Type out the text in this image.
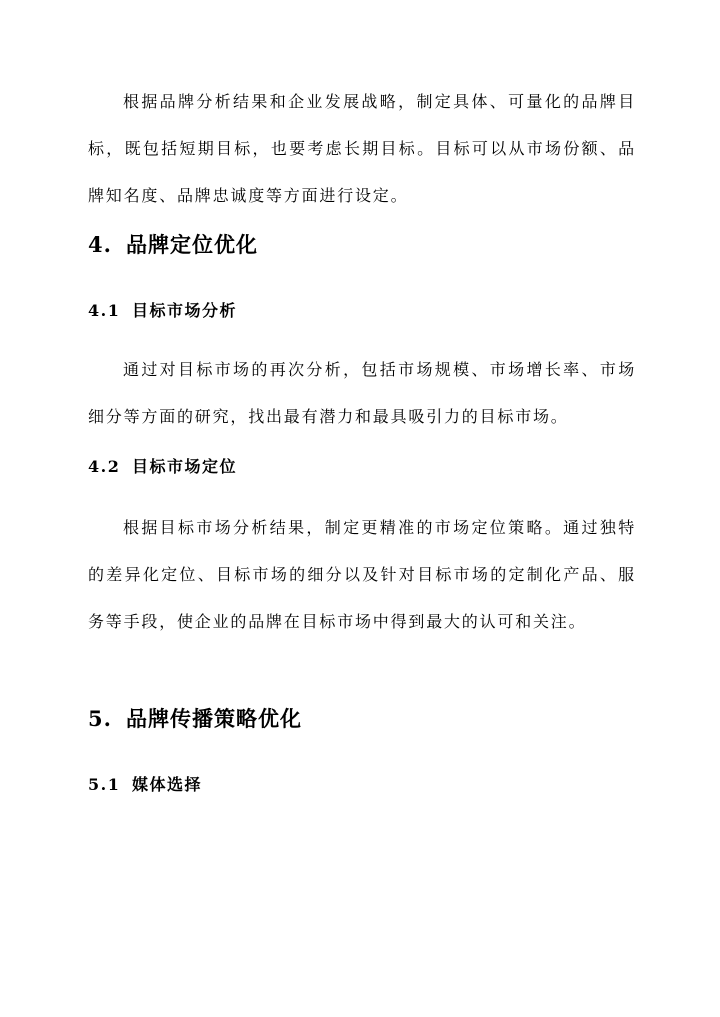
根据品牌分析结果和企业发展战略，制定具体、可量化的品牌目标，既包括短期目标，也要考虑长期目标。目标可以从市场份额、品牌知名度、品牌忠诚度等方面进行设定。

4. 品牌定位优化
4.1 目标市场分析

通过对目标市场的再次分析，包括市场规模、市场增长率、市场细分等方面的研究，找出最有潜力和最具吸引力的目标市场。

4.2 目标市场定位

根据目标市场分析结果，制定更精准的市场定位策略。通过独特的差异化定位、目标市场的细分以及针对目标市场的定制化产品、服务等手段，使企业的品牌在目标市场中得到最大的认可和关注。

5. 品牌传播策略优化
5.1 媒体选择
